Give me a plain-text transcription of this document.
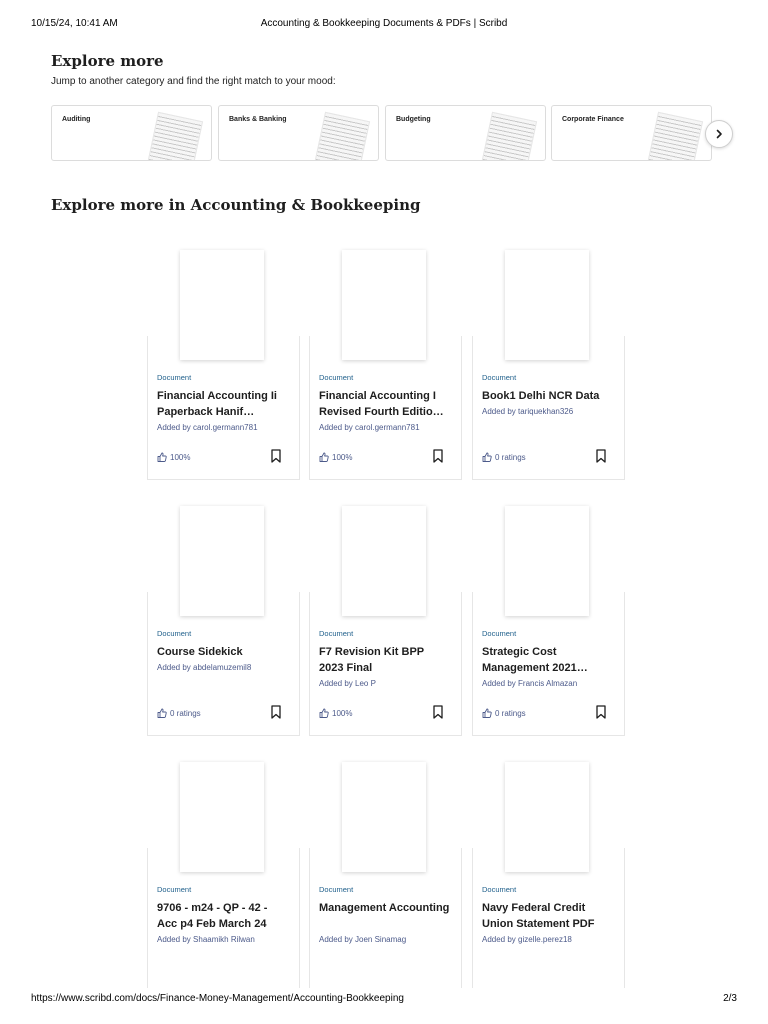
10/15/24, 10:41 AM	Accounting & Bookkeeping Documents & PDFs | Scribd
Explore more
Jump to another category and find the right match to your mood:
Auditing	Banks & Banking	Budgeting	Corporate Finance
Explore more in Accounting & Bookkeeping
Document
Financial Accounting Ii Paperback Hanif…
Added by carol.germann781
100%
Document
Financial Accounting I Revised Fourth Editio…
Added by carol.germann781
100%
Document
Book1 Delhi NCR Data
Added by tariquekhan326
0 ratings
Document
Course Sidekick
Added by abdelamuzemil8
0 ratings
Document
F7 Revision Kit BPP 2023 Final
Added by Leo P
100%
Document
Strategic Cost Management 2021…
Added by Francis Almazan
0 ratings
Document
9706 - m24 - QP - 42 - Acc p4 Feb March 24
Added by Shaamikh Rilwan
Document
Management Accounting
Added by Joen Sinamag
Document
Navy Federal Credit Union Statement PDF
Added by gizelle.perez18
https://www.scribd.com/docs/Finance-Money-Management/Accounting-Bookkeeping	2/3
